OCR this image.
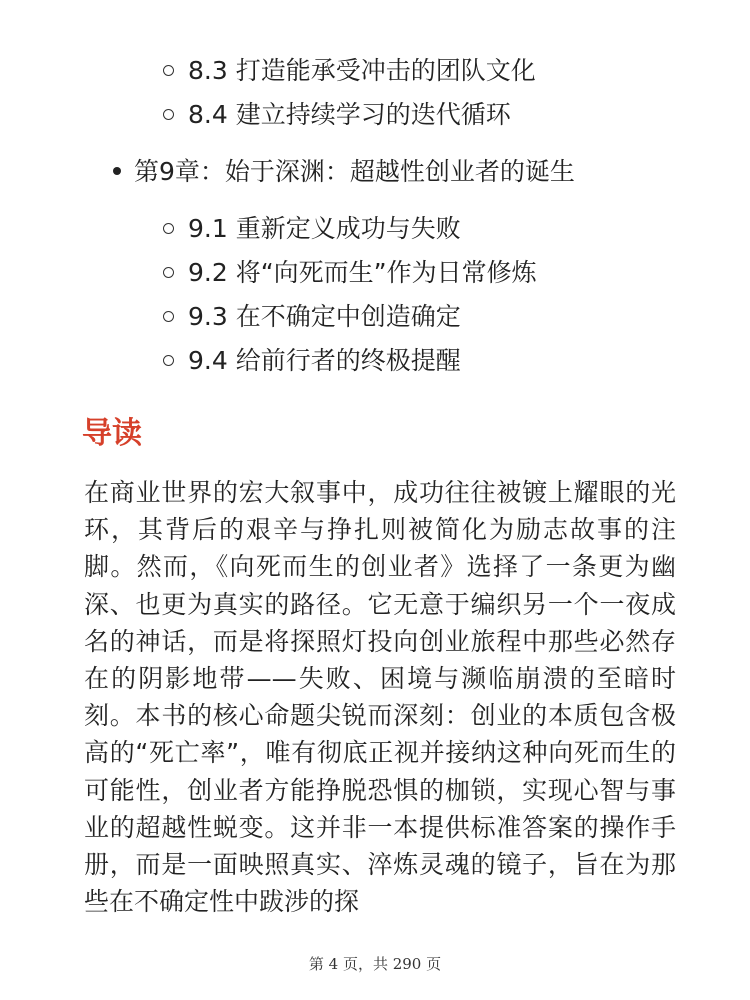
8.3 打造能承受冲击的团队文化
8.4 建立持续学习的迭代循环
第9章：始于深渊：超越性创业者的诞生
9.1 重新定义成功与失败
9.2 将“向死而生”作为日常修炼
9.3 在不确定中创造确定
9.4 给前行者的终极提醒
导读

在商业世界的宏大叙事中，成功往往被镀上耀眼的光环，其背后的艰辛与挣扎则被简化为励志故事的注脚。然而，《向死而生的创业者》选择了一条更为幽深、也更为真实的路径。它无意于编织另一个一夜成名的神话，而是将探照灯投向创业旅程中那些必然存在的阴影地带——失败、困境与濒临崩溃的至暗时刻。本书的核心命题尖锐而深刻：创业的本质包含极高的“死亡率”，唯有彻底正视并接纳这种向死而生的可能性，创业者方能挣脱恐惧的枷锁，实现心智与事业的超越性蜕变。这并非一本提供标准答案的操作手册，而是一面映照真实、淬炼灵魂的镜子，旨在为那些在不确定性中跋涉的探

第 4 页，共 290 页
